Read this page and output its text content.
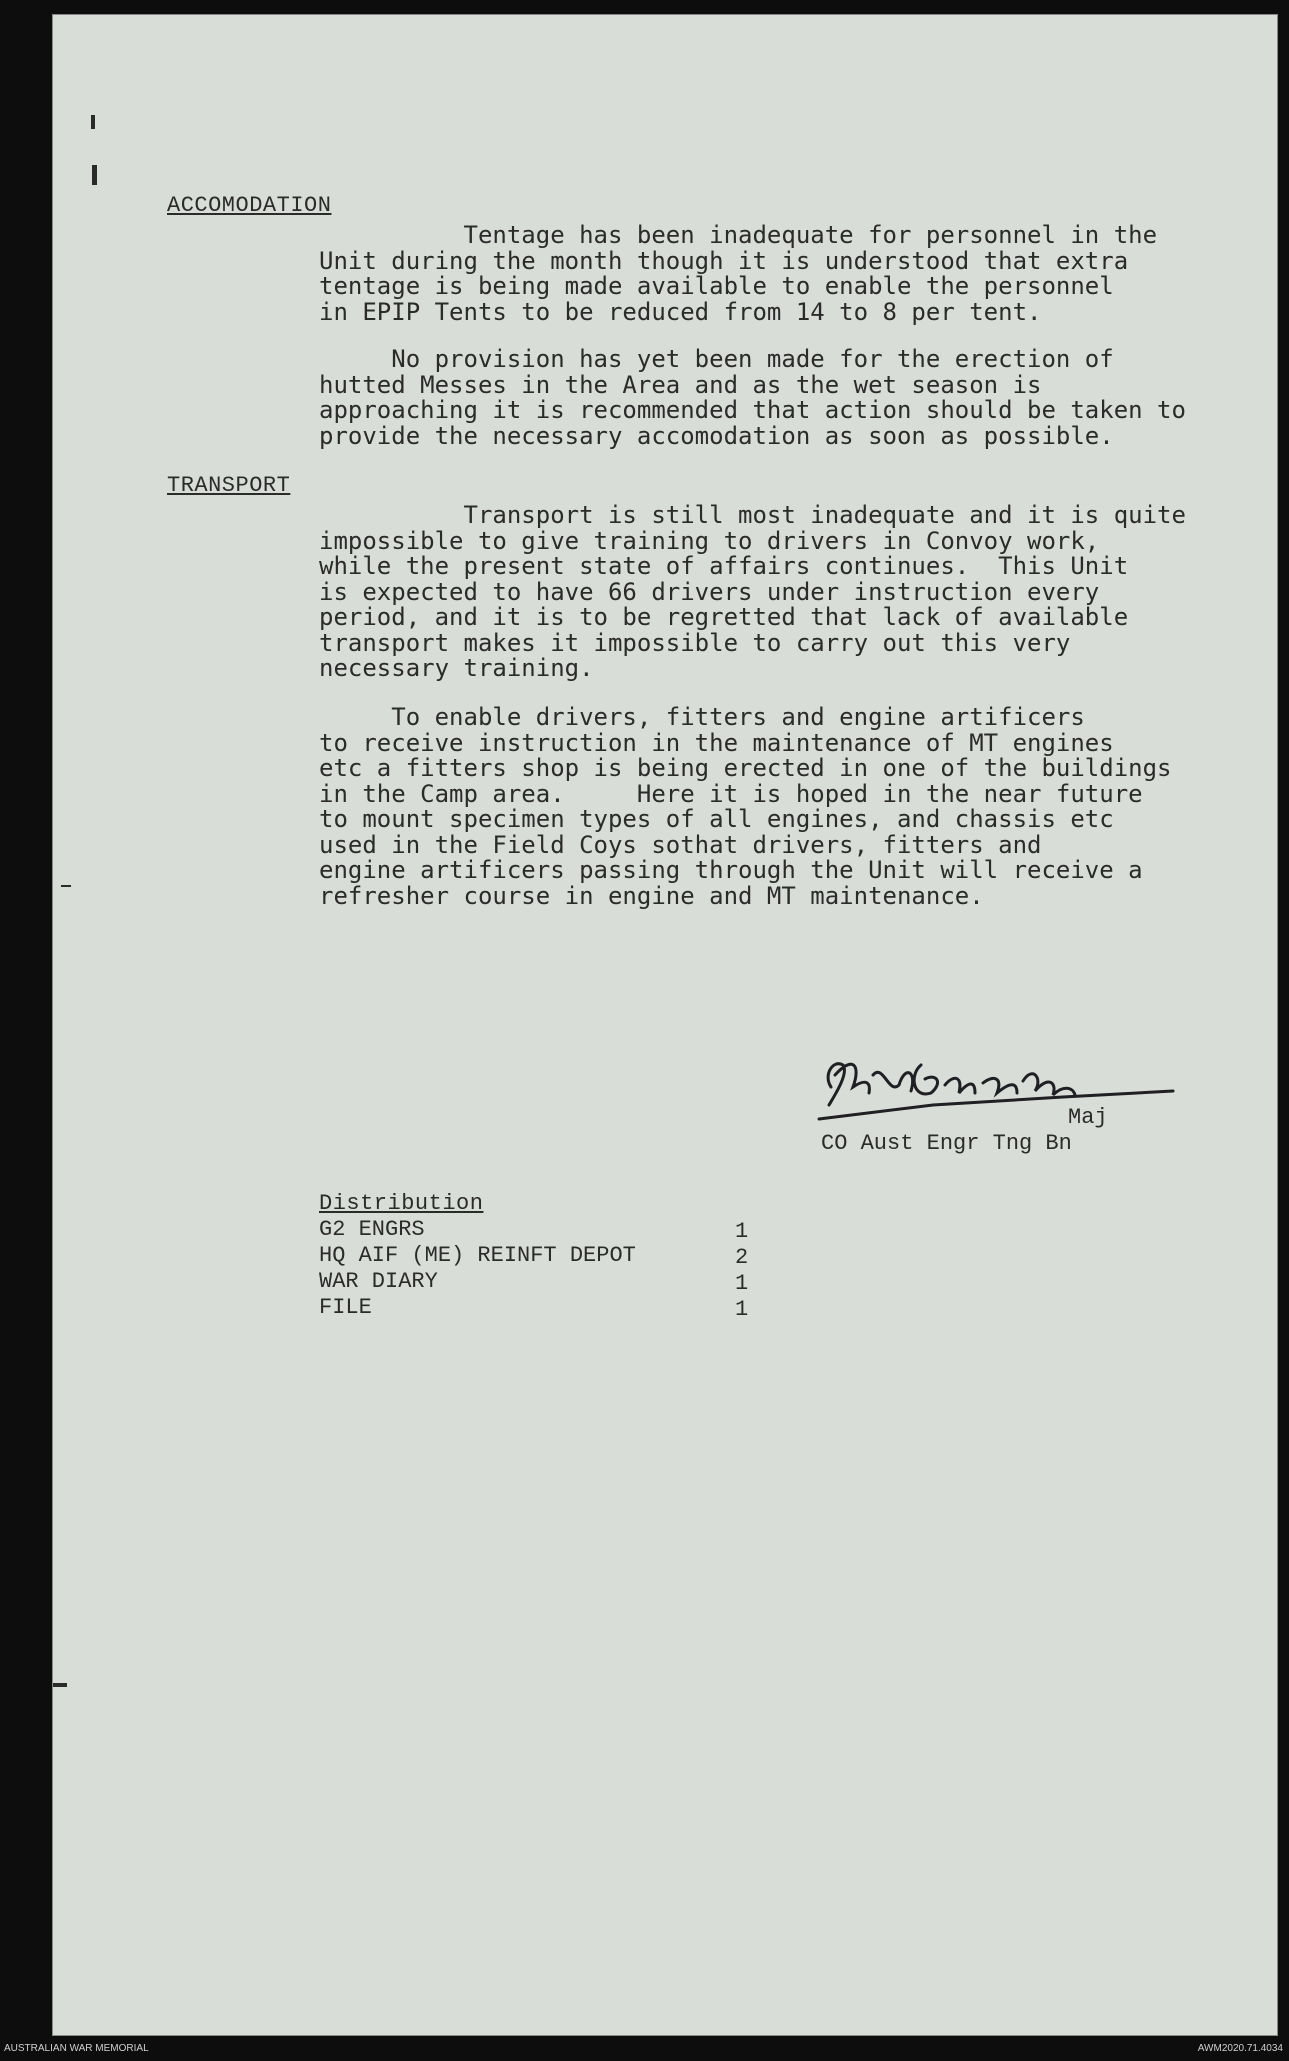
ACCOMODATION
Tentage has been inadequate for personnel in the
Unit during the month though it is understood that extra
tentage is being made available to enable the personnel
in EPIP Tents to be reduced from 14 to 8 per tent.
No provision has yet been made for the erection of
hutted Messes in the Area and as the wet season is
approaching it is recommended that action should be taken to
provide the necessary accomodation as soon as possible.
TRANSPORT
Transport is still most inadequate and it is quite
impossible to give training to drivers in Convoy work,
while the present state of affairs continues.  This Unit
is expected to have 66 drivers under instruction every
period, and it is to be regretted that lack of available
transport makes it impossible to carry out this very
necessary training.
To enable drivers, fitters and engine artificers
to receive instruction in the maintenance of MT engines
etc a fitters shop is being erected in one of the buildings
in the Camp area.     Here it is hoped in the near future
to mount specimen types of all engines, and chassis etc
used in the Field Coys sothat drivers, fitters and
engine artificers passing through the Unit will receive a
refresher course in engine and MT maintenance.
Maj
CO Aust Engr Tng Bn
Distribution
G2 ENGRS	1
HQ AIF (ME) REINFT DEPOT	2
WAR DIARY	1
FILE	1
AUSTRALIAN WAR MEMORIAL	AWM2020.71.4034
